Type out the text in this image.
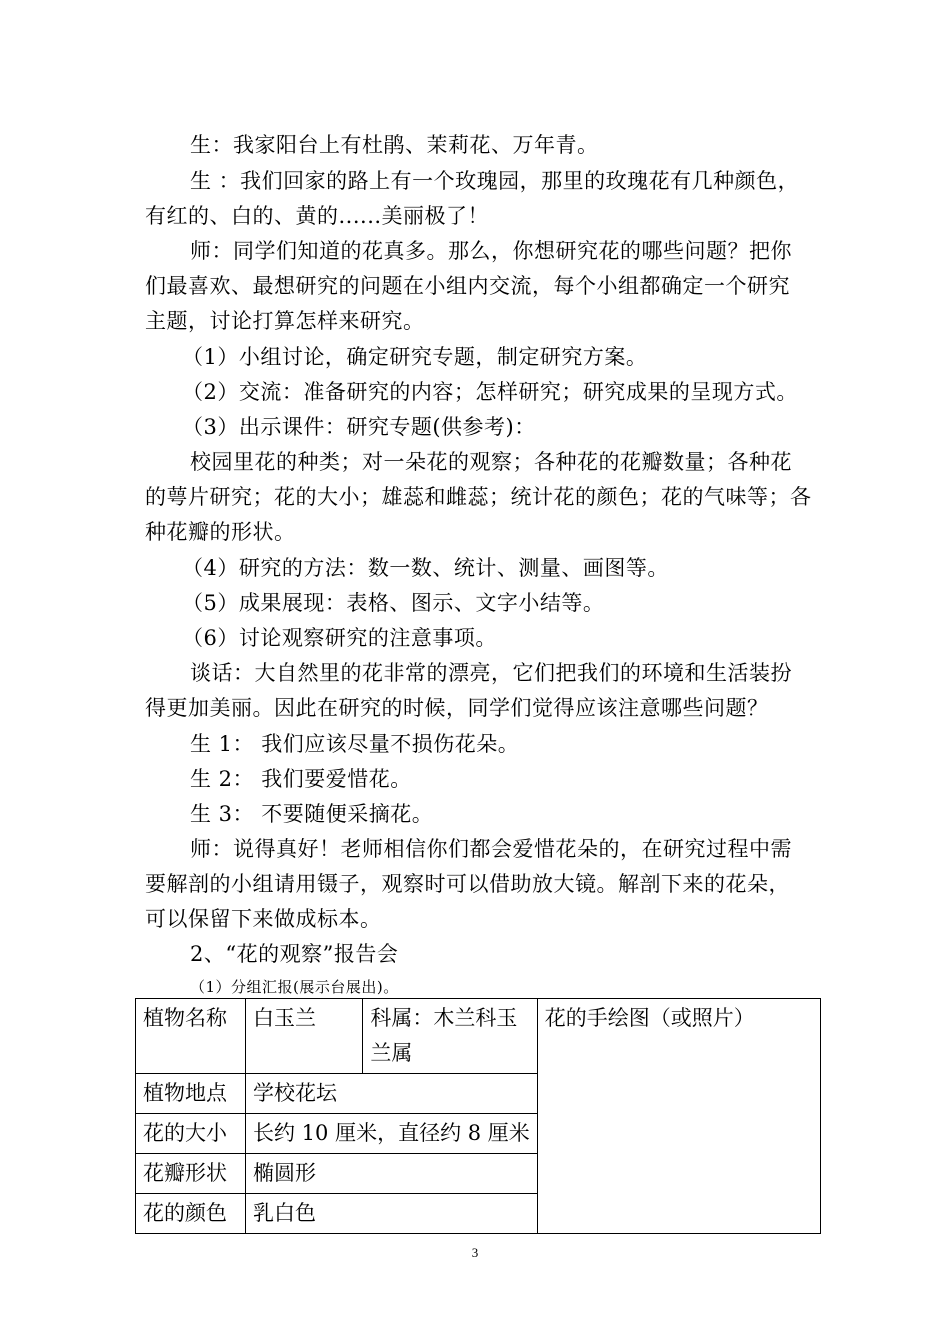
生：我家阳台上有杜鹃、茉莉花、万年青。
生 ：我们回家的路上有一个玫瑰园，那里的玫瑰花有几种颜色，
有红的、白的、黄的......美丽极了！
师：同学们知道的花真多。那么，你想研究花的哪些问题？把你
们最喜欢、最想研究的问题在小组内交流，每个小组都确定一个研究
主题，讨论打算怎样来研究。
（1）小组讨论，确定研究专题，制定研究方案。
（2）交流：准备研究的内容；怎样研究；研究成果的呈现方式。
（3）出示课件：研究专题(供参考)：
校园里花的种类；对一朵花的观察；各种花的花瓣数量；各种花
的萼片研究；花的大小；雄蕊和雌蕊；统计花的颜色；花的气味等；各
种花瓣的形状。
（4）研究的方法：数一数、统计、测量、画图等。
（5）成果展现：表格、图示、文字小结等。
（6）讨论观察研究的注意事项。
谈话：大自然里的花非常的漂亮，它们把我们的环境和生活装扮
得更加美丽。因此在研究的时候，同学们觉得应该注意哪些问题？
生 1： 我们应该尽量不损伤花朵。
生 2： 我们要爱惜花。
生 3： 不要随便采摘花。
师：说得真好！老师相信你们都会爱惜花朵的，在研究过程中需
要解剖的小组请用镊子，观察时可以借助放大镜。解剖下来的花朵，
可以保留下来做成标本。
2、“花的观察”报告会
（1）分组汇报(展示台展出)。
植物名称	白玉兰	科属：木兰科玉兰属	花的手绘图（或照片）
植物地点	学校花坛		
花的大小	长约 10 厘米，直径约 8 厘米		
花瓣形状	椭圆形		
花的颜色	乳白色		
3
